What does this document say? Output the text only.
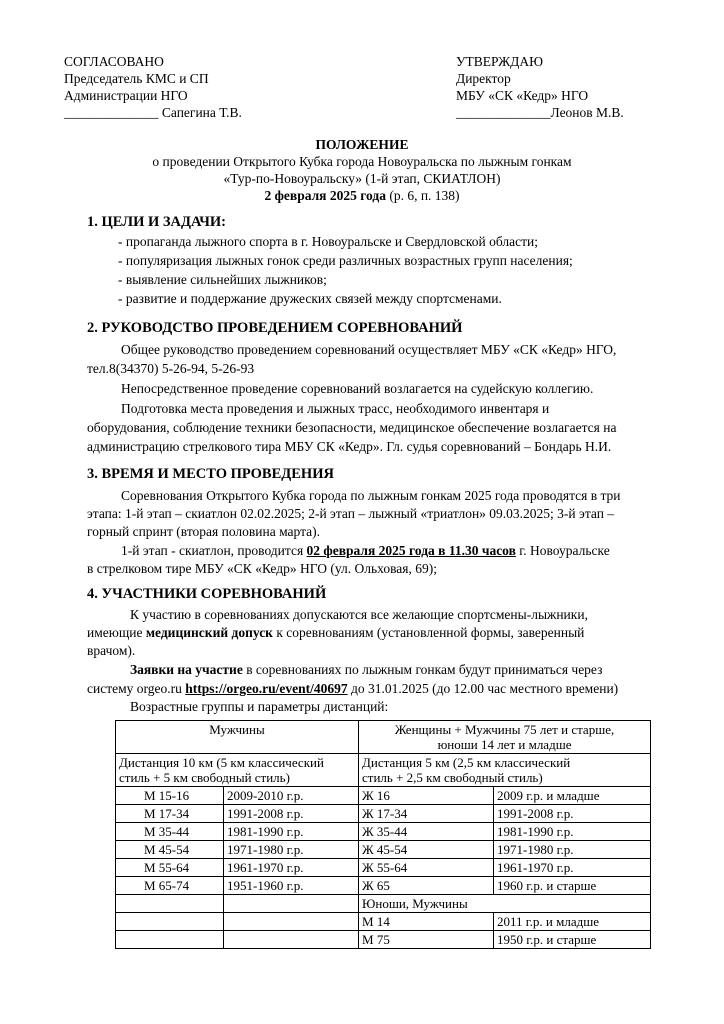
СОГЛАСОВАНО
Председатель КМС и СП
Администрации НГО
______________ Сапегина Т.В.
УТВЕРЖДАЮ
Директор
МБУ «СК «Кедр» НГО
______________Леонов М.В.
ПОЛОЖЕНИЕ
о проведении Открытого Кубка города Новоуральска по лыжным гонкам
«Тур-по-Новоуральску» (1-й этап, СКИАТЛОН)
2 февраля 2025 года (р. 6, п. 138)
1. ЦЕЛИ И ЗАДАЧИ:
- пропаганда лыжного спорта в г. Новоуральске и Свердловской области;
- популяризация лыжных гонок среди различных возрастных групп населения;
- выявление сильнейших лыжников;
- развитие и поддержание дружеских связей между спортсменами.
2. РУКОВОДСТВО ПРОВЕДЕНИЕМ СОРЕВНОВАНИЙ
Общее руководство проведением соревнований осуществляет МБУ «СК «Кедр» НГО,
тел.8(34370) 5-26-94, 5-26-93
Непосредственное проведение соревнований возлагается на судейскую коллегию.
Подготовка места проведения и лыжных трасс, необходимого инвентаря и
оборудования, соблюдение техники безопасности, медицинское обеспечение возлагается на
администрацию стрелкового тира МБУ СК «Кедр». Гл. судья соревнований – Бондарь Н.И.
3. ВРЕМЯ И МЕСТО ПРОВЕДЕНИЯ
Соревнования Открытого Кубка города по лыжным гонкам 2025 года проводятся в три
этапа: 1-й этап – скиатлон 02.02.2025; 2-й этап – лыжный «триатлон» 09.03.2025; 3-й этап –
горный спринт (вторая половина марта).
1-й этап - скиатлон, проводится 02 февраля 2025 года в 11.30 часов г. Новоуральске
в стрелковом тире МБУ «СК «Кедр» НГО (ул. Ольховая, 69);
4. УЧАСТНИКИ СОРЕВНОВАНИЙ
К участию в соревнованиях допускаются все желающие спортсмены-лыжники,
имеющие медицинский допуск к соревнованиям (установленной формы, заверенный
врачом).
Заявки на участие в соревнованиях по лыжным гонкам будут приниматься через
систему orgeo.ru https://orgeo.ru/event/40697 до 31.01.2025 (до 12.00 час местного времени)
Возрастные группы и параметры дистанций:
Мужчины		Женщины + Мужчины 75 лет и старше,
юноши 14 лет и младше	
Дистанция 10 км (5 км классический
стиль + 5 км свободный стиль)		Дистанция 5 км (2,5 км классический
стиль + 2,5 км свободный стиль)	
М 15-16	2009-2010 г.р.	Ж 16	2009 г.р. и младше
М 17-34	1991-2008 г.р.	Ж 17-34	1991-2008 г.р.
М 35-44	1981-1990 г.р.	Ж 35-44	1981-1990 г.р.
М 45-54	1971-1980 г.р.	Ж 45-54	1971-1980 г.р.
М 55-64	1961-1970 г.р.	Ж 55-64	1961-1970 г.р.
М 65-74	1951-1960 г.р.	Ж 65	1960 г.р. и старше
		Юноши, Мужчины	
		М 14	2011 г.р. и младше
		М 75	1950 г.р. и старше
